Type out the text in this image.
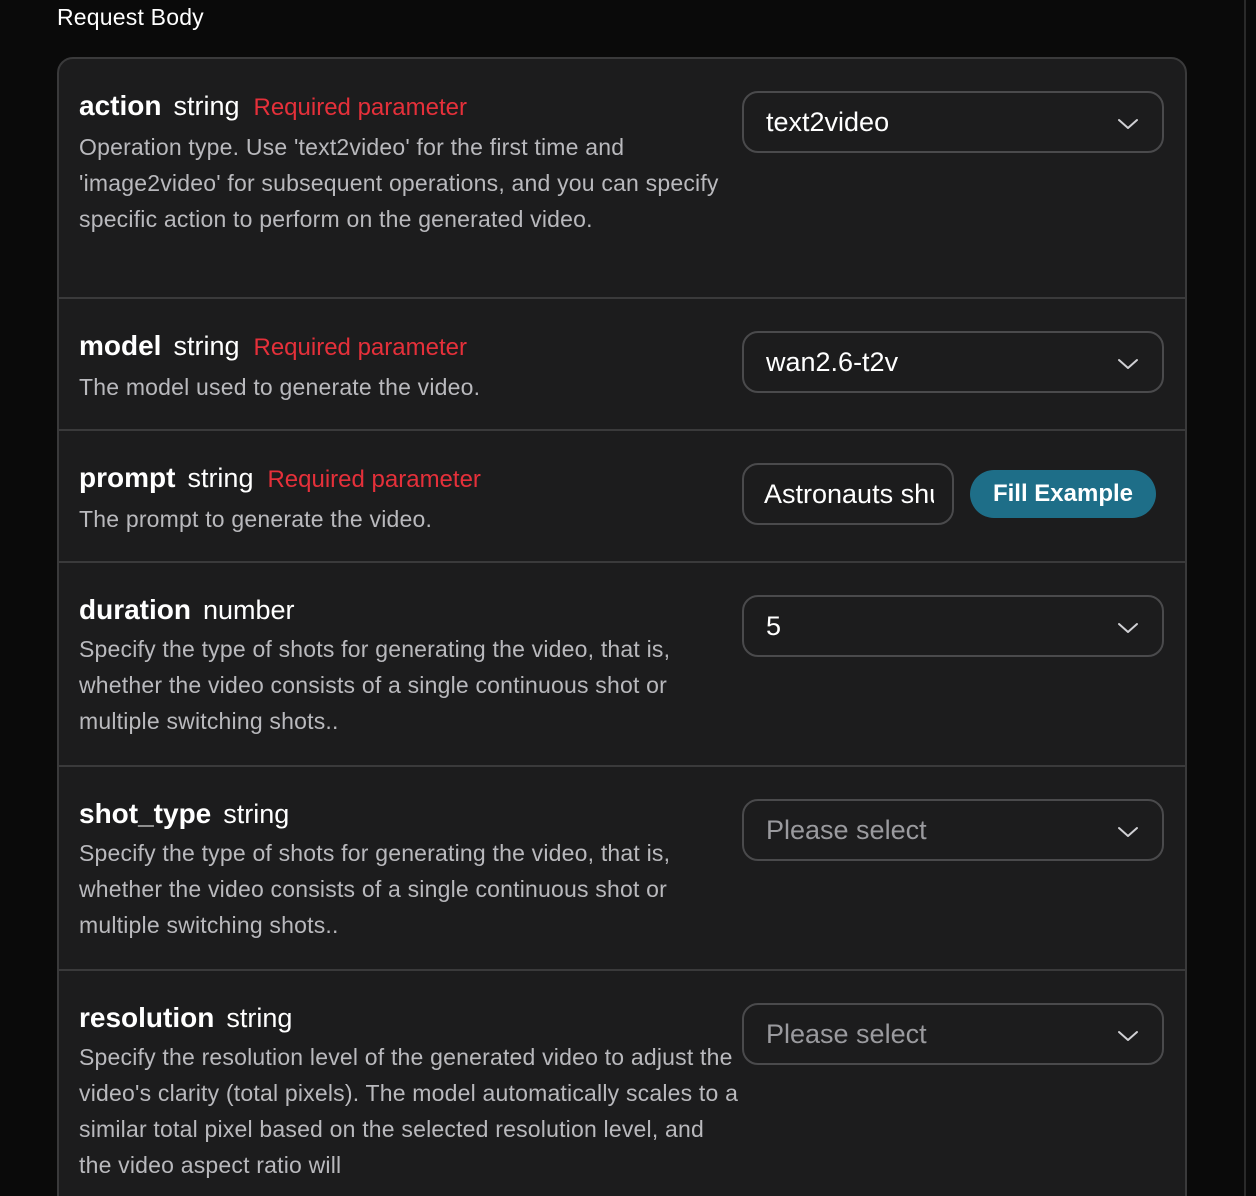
Request Body
action string Required parameter
Operation type. Use 'text2video' for the first time and 'image2video' for subsequent operations, and you can specify specific action to perform on the generated video.
text2video
model string Required parameter
The model used to generate the video.
wan2.6-t2v
prompt string Required parameter
The prompt to generate the video.
Astronauts shuttle from space to volcano
Fill Example
duration number
Specify the type of shots for generating the video, that is, whether the video consists of a single continuous shot or multiple switching shots..
5
shot_type string
Specify the type of shots for generating the video, that is, whether the video consists of a single continuous shot or multiple switching shots..
Please select
resolution string
Specify the resolution level of the generated video to adjust the video's clarity (total pixels). The model automatically scales to a similar total pixel based on the selected resolution level, and the video aspect ratio will
Please select
